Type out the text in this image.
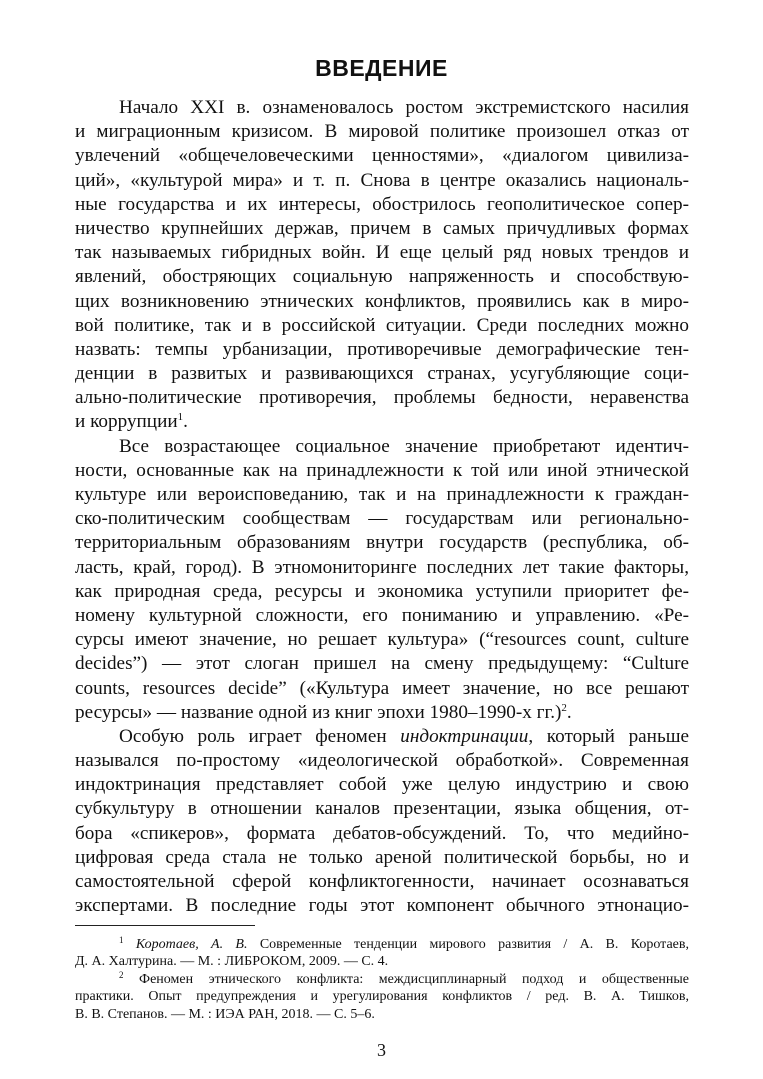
ВВЕДЕНИЕ
Начало XXI в. ознаменовалось ростом экстремистского насилия
и миграционным кризисом. В мировой политике произошел отказ от
увлечений «общечеловеческими ценностями», «диалогом цивилиза-
ций», «культурой мира» и т. п. Снова в центре оказались националь-
ные государства и их интересы, обострилось геополитическое сопер-
ничество крупнейших держав, причем в самых причудливых формах
так называемых гибридных войн. И еще целый ряд новых трендов и
явлений, обостряющих социальную напряженность и способствую-
щих возникновению этнических конфликтов, проявились как в миро-
вой политике, так и в российской ситуации. Среди последних можно
назвать: темпы урбанизации, противоречивые демографические тен-
денции в развитых и развивающихся странах, усугубляющие соци-
ально-политические противоречия, проблемы бедности, неравенства
и коррупции$^1$.
Все возрастающее социальное значение приобретают идентич-
ности, основанные как на принадлежности к той или иной этнической
культуре или вероисповеданию, так и на принадлежности к граждан-
ско-политическим сообществам — государствам или регионально-
территориальным образованиям внутри государств (республика, об-
ласть, край, город). В этномониторинге последних лет такие факторы,
как природная среда, ресурсы и экономика уступили приоритет фе-
номену культурной сложности, его пониманию и управлению. «Ре-
сурсы имеют значение, но решает культура» (“resources count, culture
decides”) — этот слоган пришел на смену предыдущему: “Culture
counts, resources decide” («Культура имеет значение, но все решают
ресурсы» — название одной из книг эпохи 1980–1990-х гг.)$^2$.
Особую роль играет феномен индоктринации, который раньше
назывался по-простому «идеологической обработкой». Современная
индоктринация представляет собой уже целую индустрию и свою
субкультуру в отношении каналов презентации, языка общения, от-
бора «спикеров», формата дебатов-обсуждений. То, что медийно-
цифровая среда стала не только ареной политической борьбы, но и
самостоятельной сферой конфликтогенности, начинает осознаваться
экспертами. В последние годы этот компонент обычного этнонацио-
$^1$ Коротаев, А. В. Современные тенденции мирового развития / А. В. Коротаев,
Д. А. Халтурина. — М. : ЛИБРОКОМ, 2009. — С. 4.
$^2$ Феномен этнического конфликта: междисциплинарный подход и общественные
практики. Опыт предупреждения и урегулирования конфликтов / ред. В. А. Тишков,
В. В. Степанов. — М. : ИЭА РАН, 2018. — С. 5–6.
3
